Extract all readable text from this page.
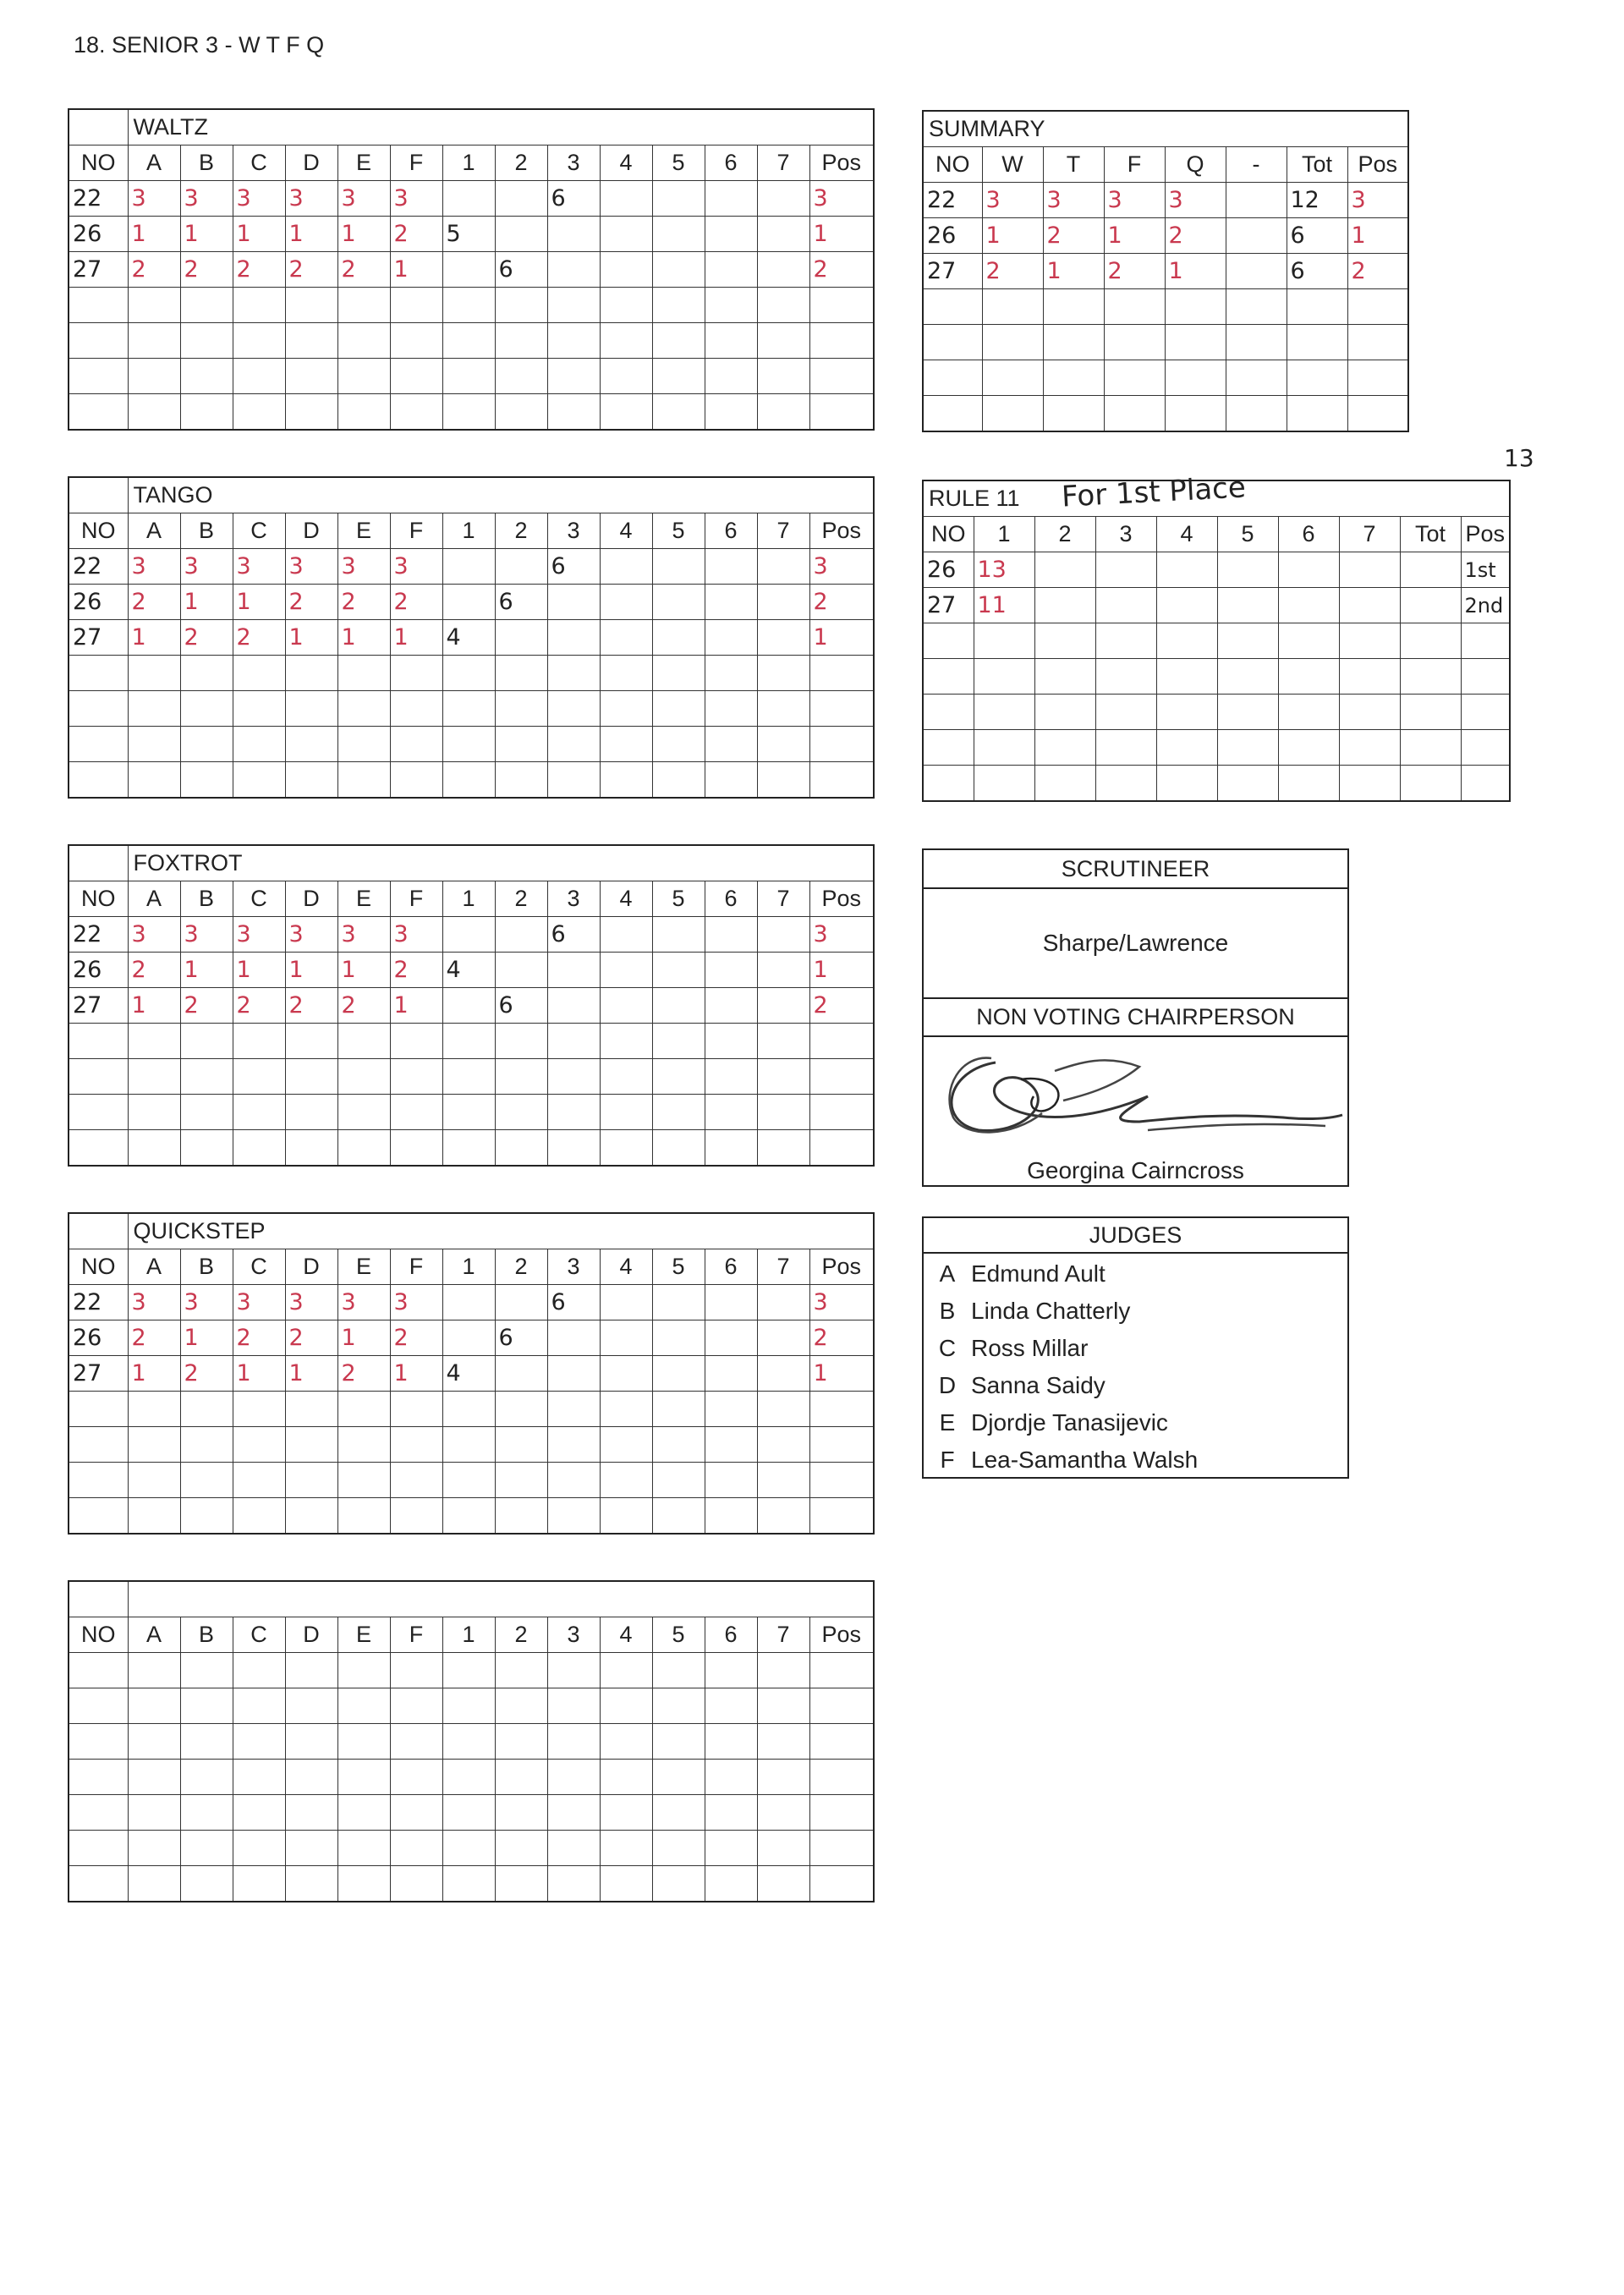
18. SENIOR 3 - W T F Q
	WALTZ													
NO	A	B	C	D	E	F	1	2	3	4	5	6	7	Pos
22	3	3	3	3	3	3			6					3
26	1	1	1	1	1	2	5							1
27	2	2	2	2	2	1		6						2

	TANGO													
NO	A	B	C	D	E	F	1	2	3	4	5	6	7	Pos
22	3	3	3	3	3	3			6					3
26	2	1	1	2	2	2		6						2
27	1	2	2	1	1	1	4							1

	FOXTROT													
NO	A	B	C	D	E	F	1	2	3	4	5	6	7	Pos
22	3	3	3	3	3	3			6					3
26	2	1	1	1	1	2	4							1
27	1	2	2	2	2	1		6						2

	QUICKSTEP													
NO	A	B	C	D	E	F	1	2	3	4	5	6	7	Pos
22	3	3	3	3	3	3			6					3
26	2	1	2	2	1	2		6						2
27	1	2	1	1	2	1	4							1

NO	A	B	C	D	E	F	1	2	3	4	5	6	7	Pos

SUMMARY							
NO	W	T	F	Q	-	Tot	Pos
22	3	3	3	3		12	3
26	1	2	1	2		6	1
27	2	1	2	1		6	2

RULE 11									
NO	1	2	3	4	5	6	7	Tot	Pos
26	13								1st
27	11								2nd

For 1st Place
13
SCRUTINEER
Sharpe/Lawrence
NON VOTING CHAIRPERSON
Georgina Cairncross
JUDGES
A Edmund Ault
B Linda Chatterly
C Ross Millar
D Sanna Saidy
E Djordje Tanasijevic
F Lea-Samantha Walsh
